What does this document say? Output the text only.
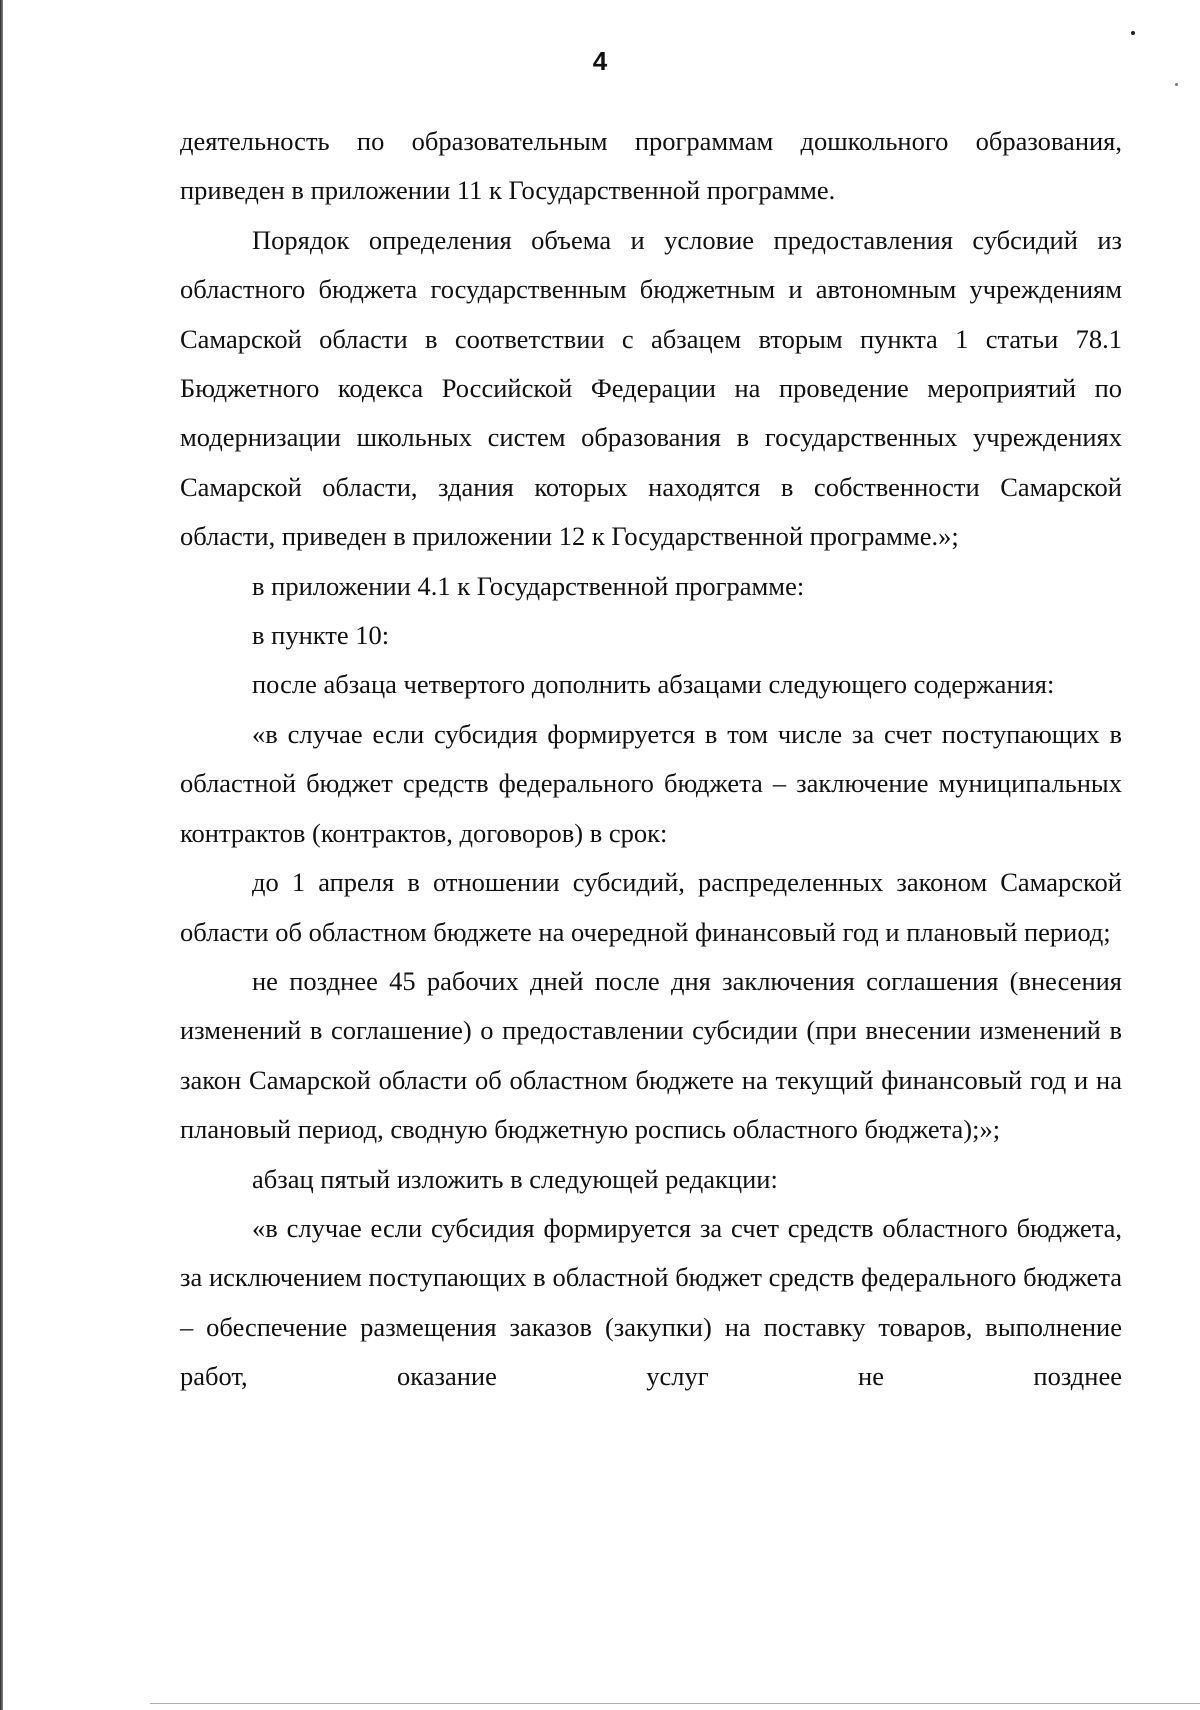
4

деятельность по образовательным программам дошкольного образования, приведен в приложении 11 к Государственной программе.

Порядок определения объема и условие предоставления субсидий из областного бюджета государственным бюджетным и автономным учреждениям Самарской области в соответствии с абзацем вторым пункта 1 статьи 78.1 Бюджетного кодекса Российской Федерации на проведение мероприятий по модернизации школьных систем образования в государственных учреждениях Самарской области, здания которых находятся в собственности Самарской области, приведен в приложении 12 к Государственной программе.»;

в приложении 4.1 к Государственной программе:

в пункте 10:

после абзаца четвертого дополнить абзацами следующего содержания:

«в случае если субсидия формируется в том числе за счет поступающих в областной бюджет средств федерального бюджета – заключение муниципальных контрактов (контрактов, договоров) в срок:

до 1 апреля в отношении субсидий, распределенных законом Самарской области об областном бюджете на очередной финансовый год и плановый период;

не позднее 45 рабочих дней после дня заключения соглашения (внесения изменений в соглашение) о предоставлении субсидии (при внесении изменений в закон Самарской области об областном бюджете на текущий финансовый год и на плановый период, сводную бюджетную роспись областного бюджета);»;

абзац пятый изложить в следующей редакции:

«в случае если субсидия формируется за счет средств областного бюджета, за исключением поступающих в областной бюджет средств федерального бюджета – обеспечение размещения заказов (закупки) на поставку товаров, выполнение работ, оказание услуг не позднее
